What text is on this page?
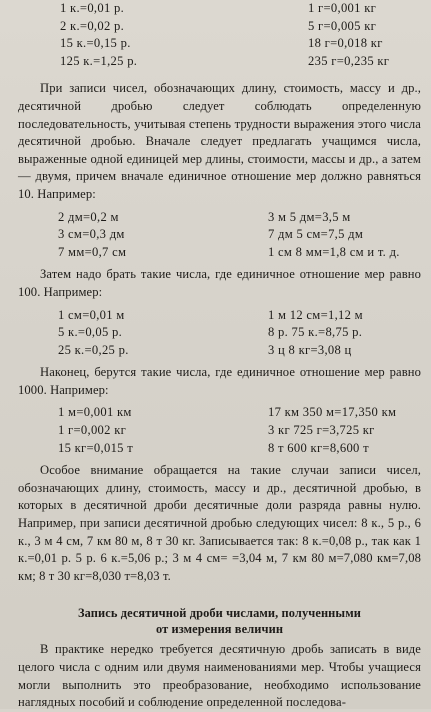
1 к.=0,01 р.	1 г=0,001 кг
2 к.=0,02 р.	5 г=0,005 кг
15 к.=0,15 р.	18 г=0,018 кг
125 к.=1,25 р.	235 г=0,235 кг

При записи чисел, обозначающих длину, стоимость, массу и др., десятичной дробью следует соблюдать определенную последовательность, учитывая степень трудности выражения этого числа десятичной дробью. Вначале следует предлагать учащимся числа, выраженные одной единицей мер длины, стоимости, массы и др., а затем — двумя, причем вначале единичное отношение мер должно равняться 10. Например:

2 дм=0,2 м	3 м 5 дм=3,5 м
3 см=0,3 дм	7 дм 5 см=7,5 дм
7 мм=0,7 см	1 см 8 мм=1,8 см и т. д.

Затем надо брать такие числа, где единичное отношение мер равно 100. Например:

1 см=0,01 м	1 м 12 см=1,12 м
5 к.=0,05 р.	8 р. 75 к.=8,75 р.
25 к.=0,25 р.	3 ц 8 кг=3,08 ц

Наконец, берутся такие числа, где единичное отношение мер равно 1000. Например:

1 м=0,001 км	17 км 350 м=17,350 км
1 г=0,002 кг	3 кг 725 г=3,725 кг
15 кг=0,015 т	8 т 600 кг=8,600 т

Особое внимание обращается на такие случаи записи чисел, обозначающих длину, стоимость, массу и др., десятичной дробью, в которых в десятичной дроби десятичные доли разряда равны нулю. Например, при записи десятичной дробью следующих чисел: 8 к., 5 р., 6 к., 3 м 4 см, 7 км 80 м, 8 т 30 кг. Записывается так: 8 к.=0,08 р., так как 1 к.=0,01 р. 5 р. 6 к.=5,06 р.; 3 м 4 см= =3,04 м, 7 км 80 м=7,080 км=7,08 км; 8 т 30 кг=8,030 т=8,03 т.

Запись десятичной дроби числами, полученными
от измерения величин

В практике нередко требуется десятичную дробь записать в виде целого числа с одним или двумя наименованиями мер. Чтобы учащиеся могли выполнить это преобразование, необходимо использование наглядных пособий и соблюдение определенной последова-
